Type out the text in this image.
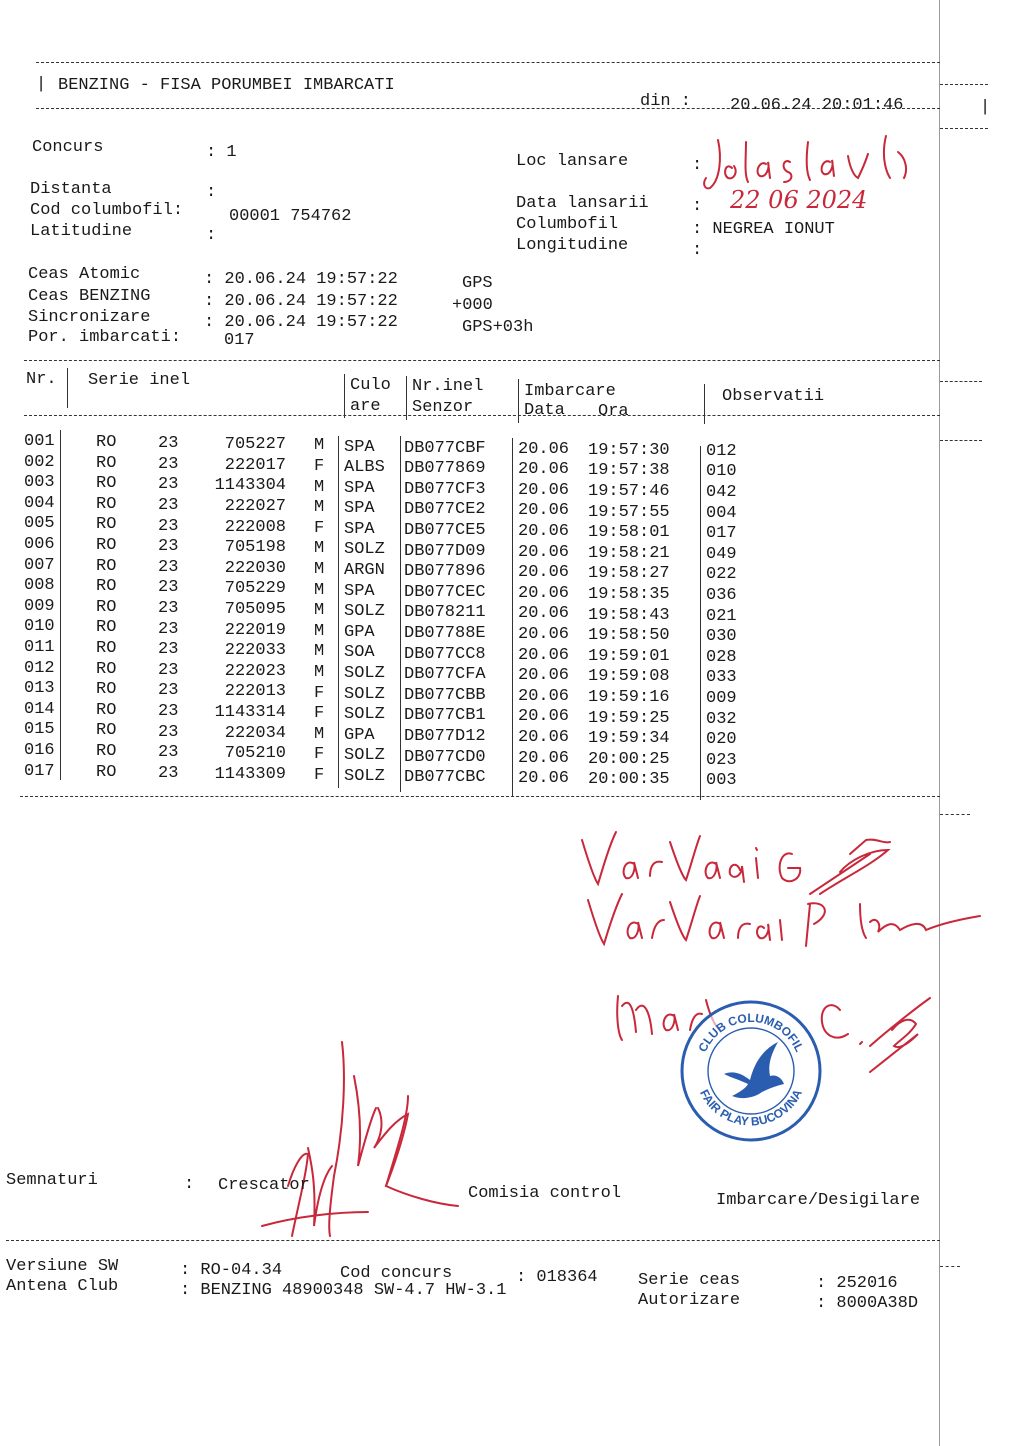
| BENZING - FISA PORUMBEI IMBARCATI
din : 20.06.24 20:01:46	|
Concurs	: 1
Distanta	:
Cod columbofil:	00001 754762
Latitudine	:
Loc lansare	:
Data lansarii	:
Columbofil	: NEGREA IONUT
Longitudine	:
22 06 2024
Ceas Atomic	: 20.06.24 19:57:22	GPS
Ceas BENZING	: 20.06.24 19:57:22	+000
Sincronizare	: 20.06.24 19:57:22	GPS+03h
Por. imbarcati:	017
Nr. Serie inel	Culo
are
Nr.inel
Senzor
Imbarcare
Data Ora
Observatii
001 RO 23	705227 M SPA DB077CBF 20.06 19:57:30 012
002 RO 23	222017 F ALBS DB077869 20.06 19:57:38 010
003 RO 23	1143304 M SPA DB077CF3 20.06 19:57:46 042
004 RO 23	222027 M SPA DB077CE2 20.06 19:57:55 004
005 RO 23	222008 F SPA DB077CE5 20.06 19:58:01 017
006 RO 23	705198 M SOLZ DB077D09 20.06 19:58:21 049
007 RO 23	222030 M ARGN DB077896 20.06 19:58:27 022
008 RO 23	705229 M SPA DB077CEC 20.06 19:58:35 036
009 RO 23	705095 M SOLZ DB078211 20.06 19:58:43 021
010 RO 23	222019 M GPA DB07788E 20.06 19:58:50 030
011 RO 23	222033 M SOA DB077CC8 20.06 19:59:01 028
012 RO 23	222023 M SOLZ DB077CFA 20.06 19:59:08 033
013 RO 23	222013 F SOLZ DB077CBB 20.06 19:59:16 009
014 RO 23	1143314 F SOLZ DB077CB1 20.06 19:59:25 032
015 RO 23	222034 M GPA DB077D12 20.06 19:59:34 020
016 RO 23	705210 F SOLZ DB077CD0 20.06 20:00:25 023
017 RO 23	1143309 F SOLZ DB077CBC 20.06 20:00:35 003
CLUB COLUMBOFIL
FAIR PLAY BUCOVINA
Semnaturi	: Crescator	Comisia control	Imbarcare/Desigilare
Versiune SW	: RO-04.34	Cod concurs	: 018364 Serie ceas	: 252016
Antena Club	: BENZING 48900348 SW-4.7 HW-3.1
Autorizare	: 8000A38D
